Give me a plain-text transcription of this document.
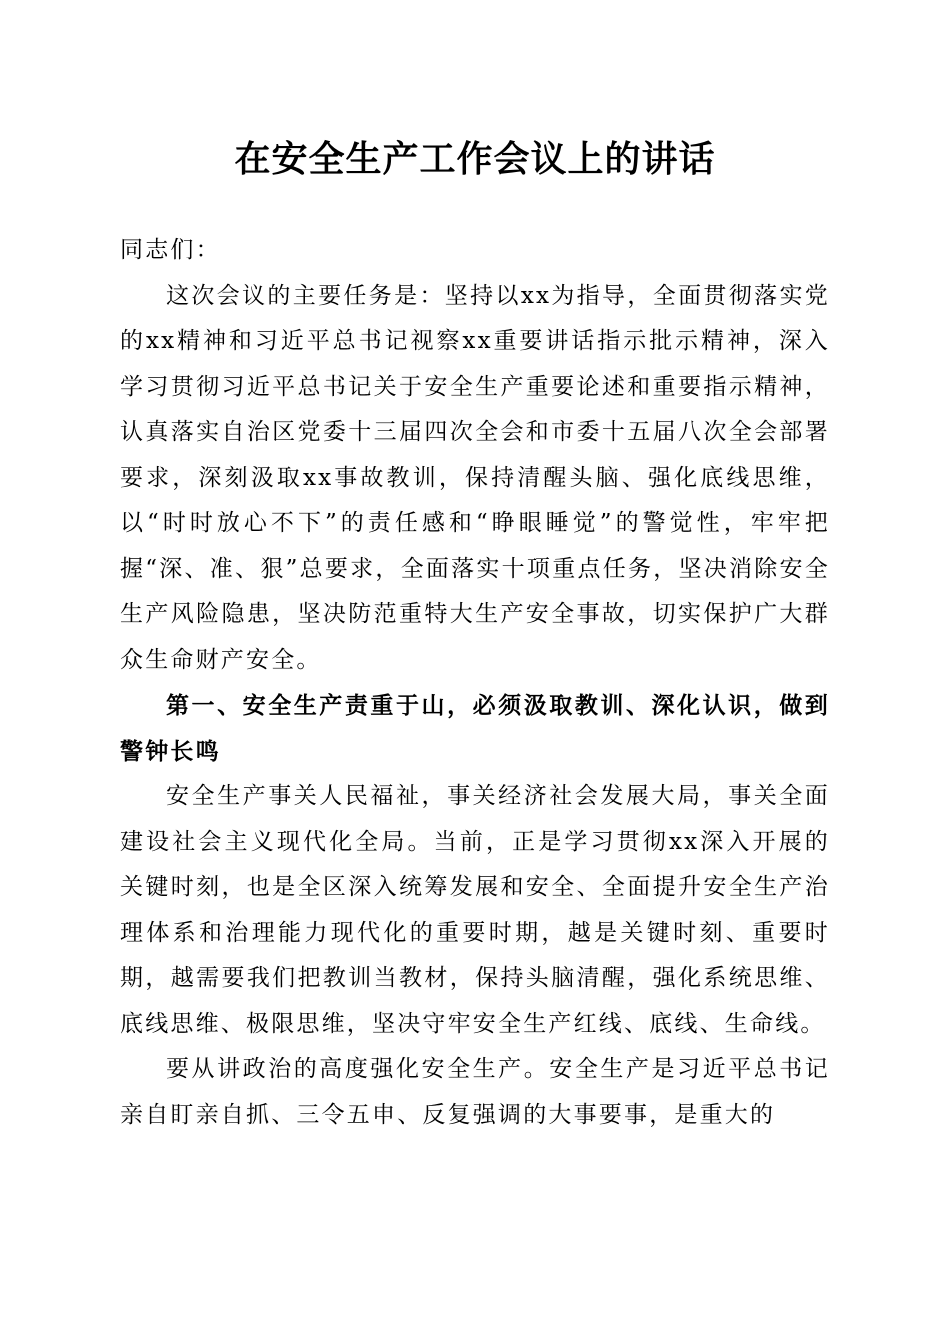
在安全生产工作会议上的讲话

同志们：

这次会议的主要任务是：坚持以xx为指导，全面贯彻落实党的xx精神和习近平总书记视察xx重要讲话指示批示精神，深入学习贯彻习近平总书记关于安全生产重要论述和重要指示精神，认真落实自治区党委十三届四次全会和市委十五届八次全会部署要求，深刻汲取xx事故教训，保持清醒头脑、强化底线思维，以“时时放心不下”的责任感和“睁眼睡觉”的警觉性，牢牢把握“深、准、狠”总要求，全面落实十项重点任务，坚决消除安全生产风险隐患，坚决防范重特大生产安全事故，切实保护广大群众生命财产安全。

第一、安全生产责重于山，必须汲取教训、深化认识，做到警钟长鸣

安全生产事关人民福祉，事关经济社会发展大局，事关全面建设社会主义现代化全局。当前，正是学习贯彻xx深入开展的关键时刻，也是全区深入统筹发展和安全、全面提升安全生产治理体系和治理能力现代化的重要时期，越是关键时刻、重要时期，越需要我们把教训当教材，保持头脑清醒，强化系统思维、底线思维、极限思维，坚决守牢安全生产红线、底线、生命线。

要从讲政治的高度强化安全生产。安全生产是习近平总书记亲自盯亲自抓、三令五申、反复强调的大事要事，是重大的
